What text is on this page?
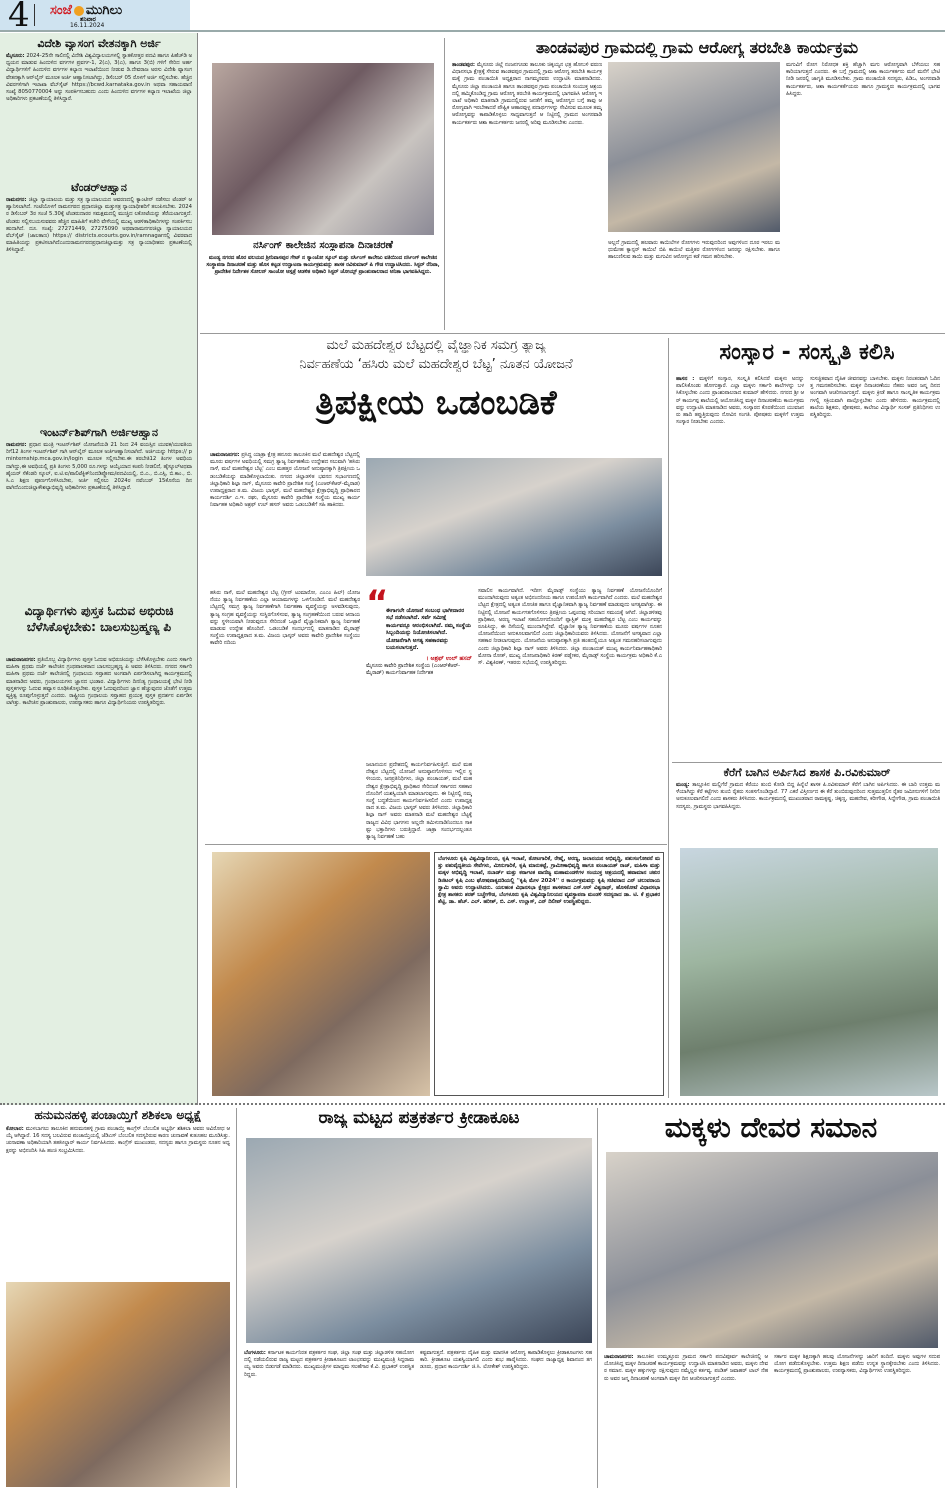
4 ಸಂಜೆ ಮುಗಿಲು
ಶನಿವಾರ
16.11.2024
ವಿದೇಶಿ ವ್ಯಾಸಂಗ ವೇತನಕ್ಕಾಗಿ ಅರ್ಜಿ
ಮೈಸೂರು: 2024-25ನೇ ಸಾಲಿನಲ್ಲಿ ವಿದೇಶಿ ವಿಶ್ವವಿದ್ಯಾಲಯಗಳಲ್ಲಿ ಸ್ನಾತಕೋತ್ತರ ಪದವಿ ಹಾಗೂ ಪಿಹೆಚ್‌ಡಿ ಅಧ್ಯಯನ ಮಾಡುವ ಹಿಂದುಳಿದ ವರ್ಗಗಳ ಪ್ರವರ್ಗ-1, 2(ಎ), 3(ಎ), ಹಾಗೂ 3(ಬಿ) ಗಳಿಗೆ ಸೇರಿದ ಅರ್ಹ ವಿದ್ಯಾರ್ಥಿಗಳಿಗೆ ಹಿಂದುಳಿದ ವರ್ಗಗಳ ಕಲ್ಯಾಣ ಇಲಾಖೆಯಿಂದ ನೀಡುವ ಡಿ.ದೇವರಾಜ ಅರಸು ವಿದೇಶಿ ವ್ಯಾಸಂಗ ವೇತನಕ್ಕಾಗಿ ಆನ್‌ಲೈನ್ ಮೂಲಕ ಅರ್ಜಿ ಆಹ್ವಾನಿಸಲಾಗಿದ್ದು, ಡಿಸೆಂಬರ್ 05 ರೊಳಗೆ ಅರ್ಜಿ ಸಲ್ಲಿಸಬೇಕು. ಹೆಚ್ಚಿನ ವಿವರಗಳಿಗಾಗಿ ಇಲಾಖಾ ವೆಬ್‌ಸೈಟ್ https://bcwd.karnataka.gov.in ಅಥವಾ ಸಹಾಯವಾಣಿ ಸಂಖ್ಯೆ 8050770004 ಅನ್ನು ಸಂಪರ್ಕಿಸಬಹುದು ಎಂದು ಹಿಂದುಳಿದ ವರ್ಗಗಳ ಕಲ್ಯಾಣ ಇಲಾಖೆಯ ಜಿಲ್ಲಾ ಅಧಿಕಾರಿಗಳು ಪ್ರಕಟಣೆಯಲ್ಲಿ ತಿಳಿಸಿದ್ದಾರೆ.
ಟೆಂಡರ್‌ಆಹ್ವಾನ
ರಾಮನಗರ: ಜಿಲ್ಲಾ ನ್ಯಾಯಾಲಯ ಮತ್ತು ಸತ್ರ ನ್ಯಾಯಾಲಯದ ಆವರಣದಲ್ಲಿ ಕ್ಯಾಂಟೀನ್ ನಡೆಸಲು ಟೆಂಡರ್ ಆಹ್ವಾನಿಸಲಾಗಿದೆ. ಗಂಟೆಯೊಳಗೆ ರಾಮನಗರದ ಪ್ರಧಾನಜಿಲ್ಲಾ ಮತ್ತುಸತ್ರ ನ್ಯಾಯಾಧೀಶರಿಗೆ ತಲುಪಿಸಬೇಕು. 2024ರ ಡಿಸೆಂಬರ್ 3ರ ಸಂಜೆ 5.30ಕ್ಕೆ ಟೆಂಡರುದಾರರ ಸಮಕ್ಷಮದಲ್ಲಿ ಮುಚ್ಚಿದ ಲಕೋಟೆಯನ್ನು ತೆರೆಯಲಾಗುತ್ತದೆ. ಟೆಂಡರು ಸಲ್ಲಿಸಬಯಸುವವರು ಹೆಚ್ಚಿನ ಮಾಹಿತಿಗೆ ಕಚೇರಿ ವೇಳೆಯಲ್ಲಿ ಮುಖ್ಯ ಆಡಳಿತಾಧಿಕಾರಿಗಳನ್ನು ಸಂಪರ್ಕಿಸಬಹುದಾಗಿದೆ. ದೂ. ಸಂಖ್ಯೆ: 27271449, 27275090 ಅಥವಾರಾಮನಗರಜಿಲ್ಲಾ ನ್ಯಾಯಾಲಯದವೆಬ್‌ಸೈಟ್ (ಜಾಲತಾಣ) https:// districts.ecourts.gov.in/ramnagarನಲ್ಲಿ ವಿವರವಾದ ಮಾಹಿತಿಯನ್ನು ಪ್ರಕಟಿಸಲಾಗಿದೆಎಂದುರಾಮನಗರದಪ್ರಧಾನಜಿಲ್ಲಾಮತ್ತು ಸತ್ರ ನ್ಯಾಯಾಧೀಶರು ಪ್ರಕಟಣೆಯಲ್ಲಿ ತಿಳಿಸಿದ್ದಾರೆ.
ಇಂಟರ್ನ್‌ಶಿಪ್‌ಗಾಗಿ ಅರ್ಜಿಆಹ್ವಾನ
ರಾಮನಗರ: ಪ್ರಧಾನ ಮಂತ್ರಿ ಇಂಟರ್ನ್‌ಶಿಪ್ ಯೋಜನೆಯಡಿ 21 ರಿಂದ 24 ವಯಸ್ಸಿನ ಯುವಕ/ಯುವತಿಯರಿಗೆ12 ತಿಂಗಳ ಇಂಟರ್ನ್‌ಶಿಪ್ ಗಾಗಿ ಆನ್‌ಲೈನ್ ಮೂಲಕ ಅರ್ಜಿಆಹ್ವಾನಿಸಲಾಗಿದೆ. ಅರ್ಜಿಯನ್ನು https:// pminternship.mca.gov.in/login ಮೂಲಕ ಸಲ್ಲಿಸಬೇಕು.ಈ ತರಬೇತಿ12 ತಿಂಗಳ ಅವಧಿಯದಾಗಿದ್ದು,ಈ ಅವಧಿಯಲ್ಲಿ ಪ್ರತಿ ತಿಂಗಳು 5,000 ರೂ.ಗಳನ್ನು ಆಯ್ಕೆಯಾದ ಕಂಪನಿ ನೀಡಲಿದೆ, ಹೈಸ್ಕೂಲ್‌ಅಥವಾ ಹೈಯರ್ ಸೆಕೆಂಡರಿ ಸ್ಕೂಲ್, ಐ.ಟಿ.ಐ/ಪಾಲಿಟೆಕ್ನಿಕ್‌ನಿಂದಡಿಪ್ಲೋಮ/ಪದವಿಯಲ್ಲಿ, ಬಿ.ಎ., ಬಿ.ಎಸ್ಸಿ, ಬಿ.ಕಾಂ., ಬಿ.ಸಿ.ಎ ಶಿಕ್ಷಣ ಪೂರ್ಣಗೊಳಿಸಿರಬೇಕು, ಅರ್ಜಿ ಸಲ್ಲಿಸಲು 2024ರ ನವೆಂಬರ್ 15ಕೊನೆಯ ದಿನವಾಗಿದೆಎಂದುಜಿಲ್ಲಾಕೌಶಲ್ಯಾಭಿವೃದ್ಧಿ ಅಧಿಕಾರಿಗಳು ಪ್ರಕಟಣೆಯಲ್ಲಿ ತಿಳಿಸಿದ್ದಾರೆ.
ವಿದ್ಯಾರ್ಥಿಗಳು ಪುಸ್ತಕ ಓದುವ ಅಭಿರುಚಿ ಬೆಳೆಸಿಕೊಳ್ಳಬೇಕು: ಬಾಲಸುಬ್ರಹ್ಮಣ್ಯ ಪಿ
ಚಾಮರಾಜನಗರ: ಪ್ರತಿಯೊಬ್ಬ ವಿದ್ಯಾರ್ಥಿಗಳು ಪುಸ್ತಕ ಓದುವ ಅಭಿರುಚಿಯನ್ನು ಬೆಳೆಸಿಕೊಳ್ಳಬೇಕು ಎಂದು ಸರ್ಕಾರಿ ಮಹಿಳಾ ಪ್ರಥಮ ದರ್ಜೆ ಕಾಲೇಜಿನ ಗ್ರಂಥಪಾಲಕರಾದ ಬಾಲಸುಬ್ರಹ್ಮಣ್ಯ ಪಿ ಅವರು ತಿಳಿಸಿದರು. ನಗರದ ಸರ್ಕಾರಿ ಮಹಿಳಾ ಪ್ರಥಮ ದರ್ಜೆ ಕಾಲೇಜಿನಲ್ಲಿ ಗ್ರಂಥಾಲಯ ಸಪ್ತಾಹದ ಅಂಗವಾಗಿ ಏರ್ಪಡಿಸಲಾಗಿದ್ದ ಕಾರ್ಯಕ್ರಮದಲ್ಲಿ ಮಾತನಾಡಿದ ಅವರು, ಗ್ರಂಥಾಲಯಗಳು ಜ್ಞಾನದ ಭಂಡಾರ. ವಿದ್ಯಾರ್ಥಿಗಳು ದಿನನಿತ್ಯ ಗ್ರಂಥಾಲಯಕ್ಕೆ ಭೇಟಿ ನೀಡಿ ಪುಸ್ತಕಗಳನ್ನು ಓದುವ ಹವ್ಯಾಸ ರೂಢಿಸಿಕೊಳ್ಳಬೇಕು. ಪುಸ್ತಕ ಓದುವುದರಿಂದ ಜ್ಞಾನ ಹೆಚ್ಚುವುದರ ಜೊತೆಗೆ ಉತ್ತಮ ವ್ಯಕ್ತಿತ್ವ ರೂಪುಗೊಳ್ಳುತ್ತದೆ ಎಂದರು. ರಾಷ್ಟ್ರೀಯ ಗ್ರಂಥಾಲಯ ಸಪ್ತಾಹದ ಪ್ರಯುಕ್ತ ಪುಸ್ತಕ ಪ್ರದರ್ಶನ ಏರ್ಪಡಿಸಲಾಗಿತ್ತು. ಕಾಲೇಜಿನ ಪ್ರಾಂಶುಪಾಲರು, ಉಪನ್ಯಾಸಕರು ಹಾಗೂ ವಿದ್ಯಾರ್ಥಿನಿಯರು ಉಪಸ್ಥಿತರಿದ್ದರು.
ನರ್ಸಿಂಗ್ ಕಾಲೇಜಿನ ಸಂಸ್ಥಾಪನಾ ದಿನಾಚರಣೆ
ಮಂಡ್ಯ ನಗರದ ಹೊರ ವಲಯದ ಶ್ರೀನಿವಾಸಪುರ ಗೇಟ್ ನ ಸ್ಯಾಂಜೋ ಸ್ಕೂಲ್ ಮತ್ತು ನರ್ಸಿಂಗ್ ಕಾಲೇಜು ವತಿಯಿಂದ ನರ್ಸಿಂಗ್ ಕಾಲೇಜಿನ ಸಂಸ್ಥಾಪನಾ ದಿನಾಚರಣೆ ಮತ್ತು ಹೊಸ ಕಟ್ಟಡ ಉದ್ಘಾಟನಾ ಕಾರ್ಯಕ್ರಮವನ್ನು ಶಾಸಕ ರವಿಕುಮಾರ್ ಪಿ ಗೌಡ ಉದ್ಘಾಟಿಸಿದರು. ಸಿಸ್ಟರ್ ರೆನಿಟಾ, ಪ್ರಾದೇಶಿಕ ನಿರ್ದೇಶಕ ಸೋಲನ್ ಸಾಂಜೋ ಆಸ್ಪತ್ರೆ ಆಡಳಿತ ಅಧಿಕಾರಿ ಸಿಸ್ಟರ್ ಜೋಯ್ಸ್ ಪ್ರಾಂಶುಪಾಲರಾದ ಅನಿತಾ ಭಾಗವಹಿಸಿದ್ದರು.
ತಾಂಡವಪುರ ಗ್ರಾಮದಲ್ಲಿ ಗ್ರಾಮ ಆರೋಗ್ಯ ತರಬೇತಿ ಕಾರ್ಯಕ್ರಮ
ತಾಂಡವಪುರ: ಮೈಸೂರು ಜಿಲ್ಲೆ ನಂಜನಗೂಡು ತಾಲೂಕು ಚಿಕ್ಕಯ್ಯನ ಛತ್ರ ಹೋಬಳಿ ವರುಣ ವಿಧಾನಸಭಾ ಕ್ಷೇತ್ರಕ್ಕೆ ಸೇರುವ ತಾಂಡವಪುರ ಗ್ರಾಮದಲ್ಲಿ ಗ್ರಾಮ ಆರೋಗ್ಯ ತರಬೇತಿ ಕಾರ್ಯಕ್ರಮಕ್ಕೆ ಗ್ರಾಮ ಪಂಚಾಯಿತಿ ಅಧ್ಯಕ್ಷರಾದ ನಾಗಮ್ಮನವರು ಉದ್ಘಾಟಿಸಿ ಮಾತನಾಡಿದರು. ಮೈಸೂರು ಜಿಲ್ಲಾ ಪಂಚಾಯತಿ ಹಾಗೂ ತಾಂಡವಪುರ ಗ್ರಾಮ ಪಂಚಾಯಿತಿ ಸಂಯುಕ್ತ ಆಶ್ರಯದಲ್ಲಿ ಹಮ್ಮಿಕೊಂಡಿದ್ದ ಗ್ರಾಮ ಆರೋಗ್ಯ ತರಬೇತಿ ಕಾರ್ಯಕ್ರಮದಲ್ಲಿ ಭಾಗವಹಿಸಿ ಆರೋಗ್ಯ ಇಲಾಖೆ ಅಧಿಕಾರಿ ಮಾತನಾಡಿ ಗ್ರಾಮದಲ್ಲಿರುವ ಜನತೆಗೆ ತಮ್ಮ ಆರೋಗ್ಯದ ಬಗ್ಗೆ ತಾವು ಆರೋಗ್ಯವಾಗಿ ಇರಬೇಕಾದರೆ ಪೌಷ್ಟಿಕ ಆಹಾರವುಳ್ಳ ಪದಾರ್ಥಗಳನ್ನು ಸೇವಿಸುವ ಮೂಲಕ ತಮ್ಮ ಆರೋಗ್ಯವನ್ನು ಕಾಪಾಡಿಕೊಳ್ಳಲು ಸಾಧ್ಯವಾಗುತ್ತದೆ ಆ ನಿಟ್ಟಿನಲ್ಲಿ ಗ್ರಾಮದ ಅಂಗನವಾಡಿ ಕಾರ್ಯಕರ್ತರು ಆಶಾ ಕಾರ್ಯಕರ್ತರು ಜನರಲ್ಲಿ ಅರಿವು ಮೂಡಿಸಬೇಕು ಎಂದರು.
ಅಲ್ಲದೆ ಗ್ರಾಮದಲ್ಲಿ ಹಲವಾರು ಕಾಯಿಲೆಗಳ ರೋಗಗಳು ಇರುವುದರಿಂದ ಅವುಗಳಿಂದ ದೂರ ಇರಲು ಮಧುಮೇಹ ಕ್ಯಾನ್ಸರ್ ಕಾಯಿಲೆ ಬಿಪಿ ಕಾಯಿಲೆ ಮತ್ತಿತರ ರೋಗಗಳಿಂದ ಜನರನ್ನು ರಕ್ಷಿಸಬೇಕು. ಹಾಗೂ ಹಾಲುಣಿಸುವ ತಾಯಿ ಮತ್ತು ಮಗುವಿನ ಆರೋಗ್ಯದ ಕಡೆ ಗಮನ ಹರಿಸಬೇಕು.
ಮಗುವಿಗೆ ರೋಗ ನಿರೋಧಕ ಶಕ್ತಿ ಹೆಚ್ಚಾಗಿ ಮಗು ಆರೋಗ್ಯವಾಗಿ ಬೆಳೆಯಲು ಸಹಕಾರಿಯಾಗುತ್ತದೆ ಎಂದರು. ಈ ಬಗ್ಗೆ ಗ್ರಾಮದಲ್ಲಿ ಆಶಾ ಕಾರ್ಯಕರ್ತರು ಮನೆ ಮನೆಗೆ ಭೇಟಿ ನೀಡಿ ಜನರಲ್ಲಿ ಜಾಗೃತಿ ಮೂಡಿಸಬೇಕು. ಗ್ರಾಮ ಪಂಚಾಯಿತಿ ಸದಸ್ಯರು, ಪಿಡಿಒ, ಅಂಗನವಾಡಿ ಕಾರ್ಯಕರ್ತರು, ಆಶಾ ಕಾರ್ಯಕರ್ತೆಯರು ಹಾಗೂ ಗ್ರಾಮಸ್ಥರು ಕಾರ್ಯಕ್ರಮದಲ್ಲಿ ಭಾಗವಹಿಸಿದ್ದರು.
ಮಲೆ ಮಹದೇಶ್ವರ ಬೆಟ್ಟದಲ್ಲಿ ವೈಜ್ಞಾನಿಕ ಸಮಗ್ರ ತ್ಯಾಜ್ಯ
ನಿರ್ವಹಣೆಯ ‘ಹಸಿರು ಮಲೆ ಮಹದೇಶ್ವರ ಬೆಟ್ಟ’ ನೂತನ ಯೋಜನೆ
ತ್ರಿಪಕ್ಷೀಯ ಒಡಂಬಡಿಕೆ
ಚಾಮರಾಜನಗರ: ಪ್ರಸಿದ್ಧ ಯಾತ್ರಾ ಕ್ಷೇತ್ರ ಹನೂರು ತಾಲೂಕಿನ ಮಲೆ ಮಹದೇಶ್ವರ ಬೆಟ್ಟದಲ್ಲಿ ಮೂರು ವರ್ಷಗಳ ಅವಧಿಯಲ್ಲಿ ಸಮಗ್ರ ತ್ಯಾಜ್ಯ ನಿರ್ವಹಣೆಯ ಉದ್ದೇಶದ ಸಲುವಾಗಿ 'ಹಸಿರು ನಾಳೆ, ಮಲೆ ಮಹದೇಶ್ವರ ಬೆಟ್ಟ' ಎಂಬ ಮಹತ್ತರ ಯೋಜನೆ ಅನುಷ್ಠಾನಕ್ಕಾಗಿ ತ್ರಿಪಕ್ಷೀಯ ಒಡಂಬಡಿಕೆಯನ್ನು ಮಾಡಿಕೊಳ್ಳಲಾಯಿತು. ನಗರದ ಜಿಲ್ಲಾಡಳಿತ ಭವನದ ಸಭಾಂಗಣದಲ್ಲಿ ಜಿಲ್ಲಾಧಿಕಾರಿ ಶಿಲ್ಪಾ ನಾಗ್, ಮೈಸೂರು ಕಾವೇರಿ ಪ್ರಾದೇಶಿಕ ಸಂಸ್ಥೆ (ಎಂಆರ್‌ಕೆಆರ್-ಮೈರಾಡ) ಉಪಾಧ್ಯಕ್ಷರಾದ ತ.ಮ. ವಿಜಯ ಭಾಸ್ಕರ್, ಮಲೆ ಮಹದೇಶ್ವರ ಕ್ಷೇತ್ರಾಭಿವೃದ್ಧಿ ಪ್ರಾಧಿಕಾರದ ಕಾರ್ಯದರ್ಶಿ ಎ.ಇ. ರಘು, ಮೈಸೂರು ಕಾವೇರಿ ಪ್ರಾದೇಶಿಕ ಸಂಸ್ಥೆಯ ಮುಖ್ಯ ಕಾರ್ಯನಿರ್ವಾಹಕ ಅಧಿಕಾರಿ ಅಶ್ರಫ್ ಉಲ್ ಹಸನ್ ಅವರು ಒಡಂಬಡಿಕೆಗೆ ಸಹಿ ಹಾಕಿದರು.
ಹಸಿರು ನಾಳೆ, ಮಲೆ ಮಹದೇಶ್ವರ ಬೆಟ್ಟ (ಗ್ರೀನ್ ಟುಮಾರೋ, ಎಂಎಂ ಹಿಲ್) ಯೋಜನೆಯು ತ್ಯಾಜ್ಯ ನಿರ್ವಹಣೆಯ ಎಲ್ಲಾ ಆಯಾಮಗಳನ್ನು ಒಳಗೊಂಡಿದೆ. ಮಲೆ ಮಹದೇಶ್ವರ ಬೆಟ್ಟದಲ್ಲಿ ಸಮಗ್ರ ತ್ಯಾಜ್ಯ ನಿರ್ವಹಣೆಗಾಗಿ ನಿರ್ವಹಣಾ ವ್ಯವಸ್ಥೆಯನ್ನು ಅಳವಡಿಸುವುದು, ತ್ಯಾಜ್ಯ ಸಂಗ್ರಹ ವ್ಯವಸ್ಥೆಯನ್ನು ಸುಸ್ಥಿರಗೊಳಿಸುವ, ತ್ಯಾಜ್ಯ ಸಂಗ್ರಹಣೆಯಿಂದ ಬರುವ ಆದಾಯವನ್ನು ಸ್ಥಳೀಯವಾಗಿ ನೀಡುವುದೂ ಸೇರಿದಂತೆ ಒಟ್ಟಾರೆ ವೈಜ್ಞಾನಿಕವಾಗಿ ತ್ಯಾಜ್ಯ ನಿರ್ವಹಣೆ ಮಾಡುವ ಉದ್ದೇಶ ಹೊಂದಿದೆ. ಒಡಂಬಡಿಕೆ ಸಂದರ್ಭದಲ್ಲಿ ಮಾತನಾಡಿದ ಮೈರಾಡ್ಸ್ ಸಂಸ್ಥೆಯ ಉಪಾಧ್ಯಕ್ಷರಾದ ತ.ಮ. ವಿಜಯ ಭಾಸ್ಕರ್ ಅವರು ಕಾವೇರಿ ಪ್ರಾದೇಶಿಕ ಸಂಸ್ಥೆಯು ಕಾವೇರಿ ನದಿಯ
“
ಈಗಾಗಲೇ ಯೋಜನೆ ಸಂಬಂಧ ಭಾಗೀದಾರರ ಸಭೆ ನಡೆಸಲಾಗಿದೆ. ಸರ್ವೆ ಸಮೀಕ್ಷೆ ಕಾರ್ಯವನ್ನೂ ಆರಂಭಿಸಲಾಗಿದೆ. ನಮ್ಮ ಸಂಸ್ಥೆಯ ಸಿಬ್ಬಂದಿಯನ್ನು ನಿಯೋಜಿಸಲಾಗಿದೆ. ಯೋಜನೆಗಾಗಿ ಅಗತ್ಯ ಸಹಕಾರವನ್ನು ಬಯಸಲಾಗುತ್ತದೆ.
। ಅಶ್ರಫ್ ಉಲ್ ಹಸನ್
ಮೈಸೂರು ಕಾವೇರಿ ಪ್ರಾದೇಶಿಕ ಸಂಸ್ಥೆಯ (ಎಂಆರ್‌ಕೆಆರ್-ಮೈರಾಡ್) ಕಾರ್ಯನಿರ್ವಾಹಕ ನಿರ್ದೇಶಕ
ಜಲಾನಯನ ಪ್ರದೇಶದಲ್ಲಿ ಕಾರ್ಯನಿರ್ವಹಿಸುತ್ತಿದೆ. ಮಲೆ ಮಹದೇಶ್ವರ ಬೆಟ್ಟದಲ್ಲಿ ಯೋಜನೆ ಅನುಷ್ಠಾನಗೊಳಿಸಲು ಇಲ್ಲಿನ ಸ್ಥಳೀಯರು, ಜನಪ್ರತಿನಿಧಿಗಳು, ಜಿಲ್ಲಾ ಪಂಚಾಯತ್, ಮಲೆ ಮಹದೇಶ್ವರ ಕ್ಷೇತ್ರಾಭಿವೃದ್ಧಿ ಪ್ರಾಧಿಕಾರ ಸೇರಿದಂತೆ ಸರ್ಕಾರದ ಸಹಕಾರದೊಂದಿಗೆ ಯಶಸ್ವಿಯಾಗಿ ಮಾಡಲಾಗುವುದು. ಈ ನಿಟ್ಟಿನಲ್ಲಿ ನಮ್ಮ ಸಂಸ್ಥೆ ಬದ್ಧತೆಯಿಂದ ಕಾರ್ಯನಿರ್ವಹಿಸಲಿದೆ ಎಂದು ಉಪಾಧ್ಯಕ್ಷರಾದ ತ.ಮ. ವಿಜಯ ಭಾಸ್ಕರ್ ಅವರು ತಿಳಿಸಿದರು. ಜಿಲ್ಲಾಧಿಕಾರಿ ಶಿಲ್ಪಾ ನಾಗ್ ಅವರು ಮಾತನಾಡಿ ಮಲೆ ಮಹದೇಶ್ವರ ಬೆಟ್ಟಕ್ಕೆ ರಾಜ್ಯದ ವಿವಿಧ ಭಾಗಗಳು ಅಲ್ಲದೇ ತಮಿಳುನಾಡಿನಿಂದಲೂ ಸಾಕಷ್ಟು ಭಕ್ತಾದಿಗಳು ಬರುತ್ತಿದ್ದಾರೆ. ಜಾತ್ರಾ ಸಂದರ್ಭದಲ್ಲಂತೂ ತ್ಯಾಜ್ಯ ನಿರ್ವಹಣೆ ಬಹು
ಸವಾಲಿನ ಕಾರ್ಯವಾಗಿದೆ. ಇದೀಗ ಮೈರಾಡ್ಸ್ ಸಂಸ್ಥೆಯು ತ್ಯಾಜ್ಯ ನಿರ್ವಹಣೆ ಯೋಜನೆಯೊಂದಿಗೆ ಮುಂದಾಗಿರುವುದು ಅತ್ಯಂತ ಅಭಿನಂದನೀಯ ಹಾಗೂ ಉಪಯೋಗಿ ಕಾರ್ಯವಾಗಿದೆ ಎಂದರು. ಮಲೆ ಮಹದೇಶ್ವರ ಬೆಟ್ಟದ ಕ್ಷೇತ್ರದಲ್ಲಿ ಅತ್ಯಂತ ಯೋಜಿತ ಹಾಗೂ ವೈಜ್ಞಾನಿಕವಾಗಿ ತ್ಯಾಜ್ಯ ನಿರ್ವಹಣೆ ಮಾಡುವುದು ಅಗತ್ಯವಾಗಿತ್ತು. ಈ ನಿಟ್ಟಿನಲ್ಲಿ ಯೋಜನೆ ಕಾರ್ಯಗತಗೊಳಿಸಲು ತ್ರಿಪಕ್ಷೀಯ ಒಪ್ಪಂದವು ಸರಿಯಾದ ಸಮಯಕ್ಕೆ ಆಗಿದೆ. ಜಿಲ್ಲಾಡಳಿತವು ಪ್ರಾಧಿಕಾರ, ಅರಣ್ಯ ಇಲಾಖೆ ಸಹಯೋಗದೊಂದಿಗೆ ಪ್ಲಾಸ್ಟಿಕ್ ಮುಕ್ತ ಮಹದೇಶ್ವರ ಬೆಟ್ಟ ಎಂಬ ಕಾರ್ಯವನ್ನು ರೂಪಿಸಿದ್ದು, ಈ ದಿಸೆಯಲ್ಲಿ ಮುಂದಾಗಿದ್ದೇವೆ. ವೈಜ್ಞಾನಿಕ ತ್ಯಾಜ್ಯ ನಿರ್ವಹಣೆಯ ಮೂರು ವರ್ಷಗಳ ನೂತನ ಯೋಜನೆಯಿಂದ ಅನುಕೂಲವಾಗಲಿದೆ ಎಂದು ಜಿಲ್ಲಾಧಿಕಾರಿಯವರು ತಿಳಿಸಿದರು. ಯೋಜನೆಗೆ ಅಗತ್ಯವಾದ ಎಲ್ಲಾ ಸಹಕಾರ ನೀಡಲಾಗುವುದು. ಯೋಜನೆಯ ಅನುಷ್ಠಾನಕ್ಕಾಗಿ ಪ್ರತಿ ಹಂತದಲ್ಲಿಯೂ ಅತ್ಯಂತ ಗಮನಹರಿಸಲಾಗುವುದು ಎಂದು ಜಿಲ್ಲಾಧಿಕಾರಿ ಶಿಲ್ಪಾ ನಾಗ್ ಅವರು ತಿಳಿಸಿದರು. ಜಿಲ್ಲಾ ಪಂಚಾಯತ್ ಮುಖ್ಯ ಕಾರ್ಯನಿರ್ವಾಹಕಾಧಿಕಾರಿ ಮೋನಾ ರೋತ್, ಮುಖ್ಯ ಯೋಜನಾಧಿಕಾರಿ ಕಿರಣ್ ಪಡ್ನೇಕರ, ಮೈರಾಡ್ಸ್ ಸಂಸ್ಥೆಯ ಕಾರ್ಯಕ್ರಮ ಅಧಿಕಾರಿ ಕೆ.ಎಸ್. ವಿಶ್ವಕಿರಣ್, ಇತರರು ಸಭೆಯಲ್ಲಿ ಉಪಸ್ಥಿತರಿದ್ದರು.
ಸಂಸ್ಕಾರ - ಸಂಸ್ಕೃತಿ ಕಲಿಸಿ
ಹಾಸನ : ಮಕ್ಕಳಿಗೆ ಸಂಸ್ಕಾರ, ಸಂಸ್ಕೃತಿ ಕಲಿಸಿದರೆ ಮಕ್ಕಳು ಅದನ್ನು ಪಾಲಿಸಿಕೊಂಡು ಹೋಗುತ್ತಾರೆ. ಎಲ್ಲಾ ಮಕ್ಕಳು ಸರ್ಕಾರಿ ಶಾಲೆಗಳನ್ನು ಬಳಸಿಕೊಳ್ಳಬೇಕು ಎಂದು ಪ್ರಾಂಶುಪಾಲರಾದ ಕುಮಾರ್ ಹೇಳಿದರು. ನಗರದ ಶ್ರೀ ಆರ್ ಕಾರ್ಯಪ್ಪ ಶಾಲೆಯಲ್ಲಿ ಆಯೋಜಿಸಿದ್ದ ಮಕ್ಕಳ ದಿನಾಚರಣೆಯ ಕಾರ್ಯಕ್ರಮವನ್ನು ಉದ್ಘಾಟಿಸಿ ಮಾತನಾಡಿದ ಅವರು, ಸಂಸ್ಕಾರದ ಕೊರತೆಯಿಂದ ಯುವಜನರು ಹಾದಿ ತಪ್ಪುತ್ತಿರುವುದು ನೋವಿನ ಸಂಗತಿ. ಪೋಷಕರು ಮಕ್ಕಳಿಗೆ ಉತ್ತಮ ಸಂಸ್ಕಾರ ನೀಡಬೇಕು ಎಂದರು.
ಸುಸಜ್ಜಿತವಾದ ದೈಹಿಕ ಜೀವನವನ್ನು ಬಾಳಬೇಕು. ಮಕ್ಕಳು ನಿರಂತರವಾಗಿ ಓದಿನತ್ತ ಗಮನಹರಿಸಬೇಕು. ಮಕ್ಕಳ ದಿನಾಚರಣೆಯು ನೆಹರು ಅವರ ಜನ್ಮ ದಿನದ ಅಂಗವಾಗಿ ಆಚರಿಸಲಾಗುತ್ತದೆ. ಮಕ್ಕಳು ಕ್ರೀಡೆ ಹಾಗೂ ಸಾಂಸ್ಕೃತಿಕ ಕಾರ್ಯಕ್ರಮಗಳಲ್ಲಿ ಸಕ್ರಿಯವಾಗಿ ಪಾಲ್ಗೊಳ್ಳಬೇಕು ಎಂದು ಹೇಳಿದರು. ಕಾರ್ಯಕ್ರಮದಲ್ಲಿ ಶಾಲೆಯ ಶಿಕ್ಷಕರು, ಪೋಷಕರು, ಕಾಲೇಜು ವಿದ್ಯಾರ್ಥಿ ಸಂಸತ್ ಪ್ರತಿನಿಧಿಗಳು ಉಪಸ್ಥಿತರಿದ್ದರು.
ಕೆರೆಗೆ ಬಾಗಿನ ಅರ್ಪಿಸಿದ ಶಾಸಕ ಪಿ.ರವಿಕುಮಾರ್
ಮಂಡ್ಯ: ತಾಲ್ಲೂಕಿನ ಮಲ್ಲಿಗೆರೆ ಗ್ರಾಮದ ಕೆರೆಯು ತುಂಬಿ ಕೋಡಿ ಬಿದ್ದ ಹಿನ್ನೆಲೆ ಶಾಸಕ ಪಿ.ರವಿಕುಮಾರ್ ಕೆರೆಗೆ ಬಾಗಿನ ಅರ್ಪಿಸಿದರು. ಈ ಬಾರಿ ಉತ್ತಮ ಮಳೆಯಾಗಿದ್ದು ಕೆರೆ ಕಟ್ಟೆಗಳು ತುಂಬಿ ರೈತರು ಸಂತಸಗೊಂಡಿದ್ದಾರೆ. 77 ಎಕರೆ ವಿಸ್ತೀರ್ಣದ ಈ ಕೆರೆ ತುಂಬಿರುವುದರಿಂದ ಸುತ್ತಮುತ್ತಲಿನ ರೈತರ ಜಮೀನುಗಳಿಗೆ ನೀರಿನ ಅನುಕೂಲವಾಗಲಿದೆ ಎಂದು ಶಾಸಕರು ತಿಳಿಸಿದರು. ಕಾರ್ಯಕ್ರಮದಲ್ಲಿ ಮುಖಂಡರಾದ ರಾಮಕೃಷ್ಣ, ಚಿಕ್ಕಣ್ಣ, ಮಹದೇವ, ಕರೀಗೌಡ, ಸಿದ್ದೇಗೌಡ, ಗ್ರಾಮ ಪಂಚಾಯಿತಿ ಸದಸ್ಯರು, ಗ್ರಾಮಸ್ಥರು ಭಾಗವಹಿಸಿದ್ದರು.
ಬೆಂಗಳೂರು ಕೃಷಿ ವಿಶ್ವವಿದ್ಯಾನಿಲಯ, ಕೃಷಿ ಇಲಾಖೆ, ತೋಟಗಾರಿಕೆ, ರೇಷ್ಮೆ, ಅರಣ್ಯ, ಜಲಾನಯನ ಅಭಿವೃದ್ಧಿ, ಪಶುಸಂಗೋಪನೆ ಮತ್ತು ಪಶುವೈದ್ಯಕೀಯ ಸೇವೆಗಳು, ಮೀನುಗಾರಿಕೆ, ಕೃಷಿ ಮಾರುಕಟ್ಟೆ, ಗ್ರಾಮೀಣಾಭಿವೃದ್ಧಿ ಹಾಗೂ ಪಂಚಾಯತ್ ರಾಜ್, ಮಹಿಳಾ ಮತ್ತು ಮಕ್ಕಳ ಅಭಿವೃದ್ಧಿ ಇಲಾಖೆ, ನಬಾರ್ಡ್ ಮತ್ತು ಕರ್ನಾಟಕ ವಾಣಿಜ್ಯ ಮಹಾಮಂಡಳಿಗಳ ಸಂಯುಕ್ತ ಆಶ್ರಯದಲ್ಲಿ ಹವಾಮಾನ ಚತುರ ಡಿಜಿಟಲ್ ಕೃಷಿ ಎಂಬ ಘೋಷವಾಕ್ಯದಡಿಯಲ್ಲಿ ''ಕೃಷಿ ಮೇಳ 2024'' ರ ಕಾರ್ಯಕ್ರಮವನ್ನು ಕೃಷಿ ಸಚಿವರಾದ ಎನ್ ಚಲುವರಾಯಸ್ವಾಮಿ ಅವರು ಉದ್ಘಾಟಿಸಿದರು. ಯಲಹಂಕ ವಿಧಾನಸಭಾ ಕ್ಷೇತ್ರದ ಶಾಸಕರಾದ ಎಸ್.ಆರ್ ವಿಶ್ವನಾಥ್, ಹೊಸಕೋಟೆ ವಿಧಾನಸಭಾ ಕ್ಷೇತ್ರ ಶಾಸಕರು ಶರತ್ ಬಚ್ಚೇಗೌಡ, ಬೆಂಗಳೂರು ಕೃಷಿ ವಿಶ್ವವಿದ್ಯಾನಿಲಯದ ವ್ಯವಸ್ಥಾಪನಾ ಮಂಡಳಿ ಸದಸ್ಯರಾದ ಡಾ. ಟಿ. ಕೆ ಪ್ರಭಾಕರ ಶೆಟ್ಟಿ, ಡಾ. ಹೆಚ್. ಎಲ್. ಹರೀಶ್, ಬಿ. ಎಸ್. ಉಲ್ಲಾಸ್, ಎನ್ ದಿಲೀಪ್ ಉಪಸ್ಥಿತರಿದ್ದರು.
ಹನುಮನಹಳ್ಳಿ ಪಂಚಾಯ್ತಿಗೆ ಶಶಿಕಲಾ ಅಧ್ಯಕ್ಷೆ
ಕೋಲಾರ: ಮುಳಬಾಗಲು ತಾಲೂಕಿನ ಹನುಮನಹಳ್ಳಿ ಗ್ರಾಮ ಪಂಚಾಯ್ತಿ ಕಾಂಗ್ರೆಸ್ ಬೆಂಬಲಿತ ಅಭ್ಯರ್ಥಿ ಶಶಿಕಲಾ ಅವರು ಅವಿರೋಧ ಆಯ್ಕೆ ಆಗಿದ್ದಾರೆ. 16 ಸದಸ್ಯ ಬಲವಿರುವ ಪಂಚಾಯ್ತಿಯಲ್ಲಿ ಜೆಡಿಎಸ್ ಬೆಂಬಲಿತ ಸದಸ್ಯರಿರುವ ಕಾರಣ ಚುನಾವಣೆ ಕುತೂಹಲ ಮೂಡಿಸಿತ್ತು. ಚುನಾವಣಾ ಅಧಿಕಾರಿಯಾಗಿ ತಹಸೀಲ್ದಾರ್ ಕಾರ್ಯ ನಿರ್ವಹಿಸಿದರು. ಕಾಂಗ್ರೆಸ್ ಮುಖಂಡರು, ಸದಸ್ಯರು ಹಾಗೂ ಗ್ರಾಮಸ್ಥರು ನೂತನ ಅಧ್ಯಕ್ಷರನ್ನು ಅಭಿನಂದಿಸಿ ಸಿಹಿ ಹಂಚಿ ಸಂಭ್ರಮಿಸಿದರು.
ರಾಜ್ಯ ಮಟ್ಟದ ಪತ್ರಕರ್ತರ ಕ್ರೀಡಾಕೂಟ
ಬೆಂಗಳೂರು: ಕರ್ನಾಟಕ ಕಾರ್ಯನಿರತ ಪತ್ರಕರ್ತರ ಸಂಘ, ಜಿಲ್ಲಾ ಸಂಘ ಮತ್ತು ಜಿಲ್ಲಾಡಳಿತ ಸಹಯೋಗದಲ್ಲಿ ನಡೆಯಲಿರುವ ರಾಜ್ಯ ಮಟ್ಟದ ಪತ್ರಕರ್ತರ ಕ್ರೀಡಾಕೂಟದ ಲಾಂಛನವನ್ನು ಮುಖ್ಯಮಂತ್ರಿ ಸಿದ್ದರಾಮಯ್ಯ ಅವರು ಬಿಡುಗಡೆ ಮಾಡಿದರು. ಮುಖ್ಯಮಂತ್ರಿಗಳ ಮಾಧ್ಯಮ ಸಲಹೆಗಾರ ಕೆ.ವಿ. ಪ್ರಭಾಕರ್ ಉಪಸ್ಥಿತರಿದ್ದರು.
ಕಷ್ಟವಾಗುತ್ತದೆ. ಪತ್ರಕರ್ತರು ದೈಹಿಕ ಮತ್ತು ಮಾನಸಿಕ ಆರೋಗ್ಯ ಕಾಪಾಡಿಕೊಳ್ಳಲು ಕ್ರೀಡಾಕೂಟಗಳು ಸಹಕಾರಿ. ಕ್ರೀಡಾಕೂಟ ಯಶಸ್ವಿಯಾಗಲಿ ಎಂದು ಶುಭ ಹಾರೈಸಿದರು. ಸಂಘದ ರಾಜ್ಯಾಧ್ಯಕ್ಷ ಶಿವಾನಂದ ತಗಡೂರು, ಪ್ರಧಾನ ಕಾರ್ಯದರ್ಶಿ ಜಿ.ಸಿ. ಲೋಕೇಶ್ ಉಪಸ್ಥಿತರಿದ್ದರು.
ಮಕ್ಕಳು ದೇವರ ಸಮಾನ
ಚಾಮರಾಜನಗರ: ತಾಲೂಕಿನ ಉಮ್ಮತ್ತೂರು ಗ್ರಾಮದ ಸರ್ಕಾರಿ ಪದವಿಪೂರ್ವ ಕಾಲೇಜಿನಲ್ಲಿ ಆಯೋಜಿಸಿದ್ದ ಮಕ್ಕಳ ದಿನಾಚರಣೆ ಕಾರ್ಯಕ್ರಮವನ್ನು ಉದ್ಘಾಟಿಸಿ ಮಾತನಾಡಿದ ಅವರು, ಮಕ್ಕಳು ದೇವರ ಸಮಾನ. ಮಕ್ಕಳ ಹಕ್ಕುಗಳನ್ನು ರಕ್ಷಿಸುವುದು ನಮ್ಮೆಲ್ಲರ ಕರ್ತವ್ಯ. ಪಂಡಿತ್ ಜವಾಹರ್ ಲಾಲ್ ನೆಹರು ಅವರ ಜನ್ಮ ದಿನಾಚರಣೆ ಅಂಗವಾಗಿ ಮಕ್ಕಳ ದಿನ ಆಚರಿಸಲಾಗುತ್ತದೆ ಎಂದರು.
ಸರ್ಕಾರ ಮಕ್ಕಳ ಶಿಕ್ಷಣಕ್ಕಾಗಿ ಹಲವು ಯೋಜನೆಗಳನ್ನು ಜಾರಿಗೆ ತಂದಿದೆ. ಮಕ್ಕಳು ಅವುಗಳ ಸದುಪಯೋಗ ಪಡೆದುಕೊಳ್ಳಬೇಕು. ಉತ್ತಮ ಶಿಕ್ಷಣ ಪಡೆದು ಉನ್ನತ ಸ್ಥಾನಕ್ಕೇರಬೇಕು ಎಂದು ತಿಳಿಸಿದರು. ಕಾರ್ಯಕ್ರಮದಲ್ಲಿ ಪ್ರಾಂಶುಪಾಲರು, ಉಪನ್ಯಾಸಕರು, ವಿದ್ಯಾರ್ಥಿಗಳು ಉಪಸ್ಥಿತರಿದ್ದರು.
